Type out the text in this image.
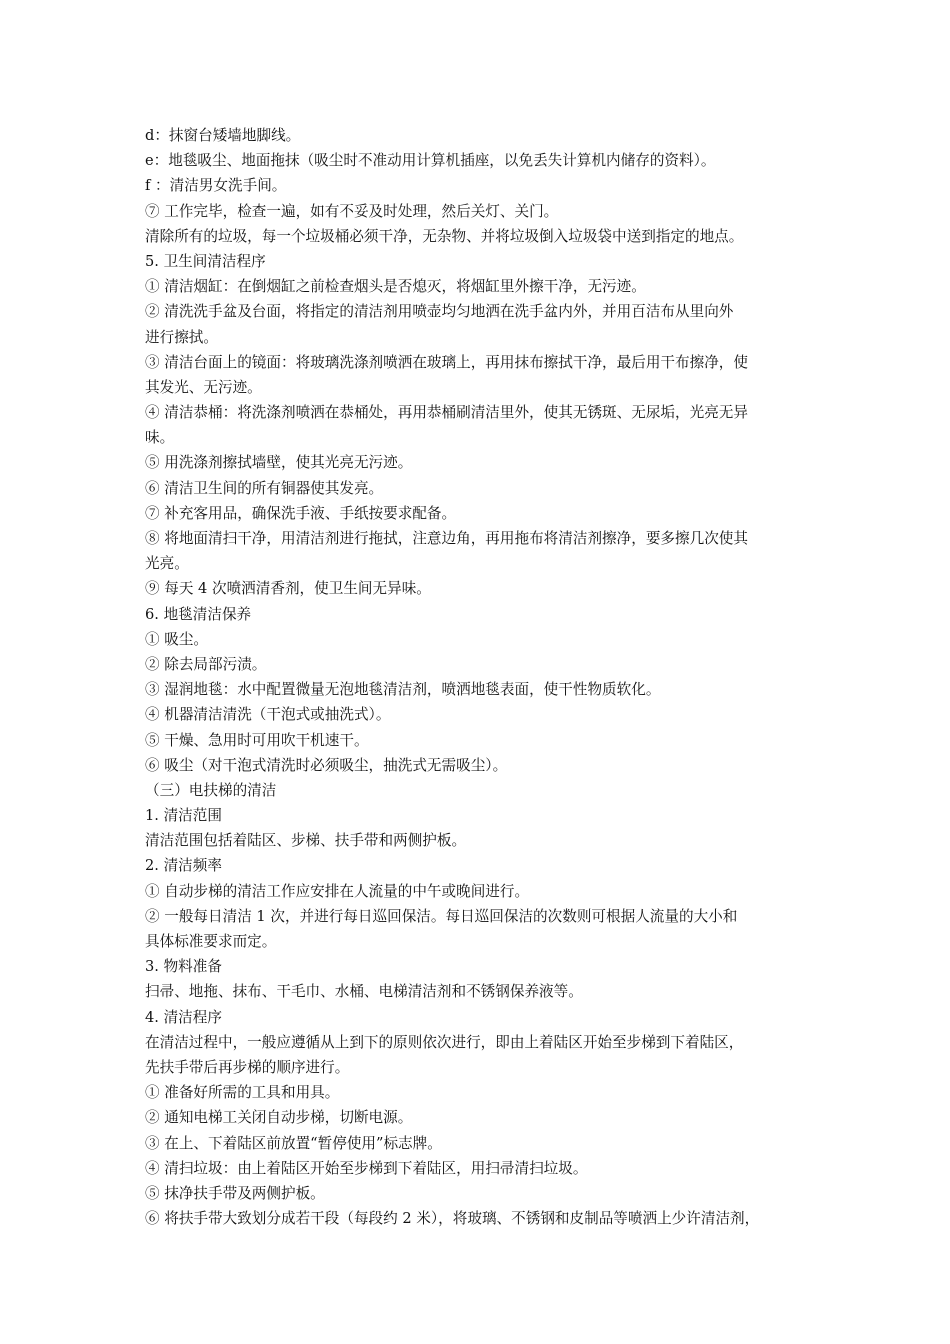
d：抹窗台矮墙地脚线。
e：地毯吸尘、地面拖抹（吸尘时不准动用计算机插座，以免丢失计算机内储存的资料）。
f ：清洁男女洗手间。
⑦ 工作完毕，检查一遍，如有不妥及时处理，然后关灯、关门。
清除所有的垃圾，每一个垃圾桶必须干净，无杂物、并将垃圾倒入垃圾袋中送到指定的地点。
5. 卫生间清洁程序
① 清洁烟缸：在倒烟缸之前检查烟头是否熄灭，将烟缸里外擦干净，无污迹。
② 清洗洗手盆及台面，将指定的清洁剂用喷壶均匀地洒在洗手盆内外，并用百洁布从里向外
进行擦拭。
③ 清洁台面上的镜面：将玻璃洗涤剂喷洒在玻璃上，再用抹布擦拭干净，最后用干布擦净，使
其发光、无污迹。
④ 清洁恭桶：将洗涤剂喷洒在恭桶处，再用恭桶刷清洁里外，使其无锈斑、无尿垢，光亮无异
味。
⑤ 用洗涤剂擦拭墙壁，使其光亮无污迹。
⑥ 清洁卫生间的所有铜器使其发亮。
⑦ 补充客用品，确保洗手液、手纸按要求配备。
⑧ 将地面清扫干净，用清洁剂进行拖拭，注意边角，再用拖布将清洁剂擦净，要多擦几次使其
光亮。
⑨ 每天 4 次喷洒清香剂，使卫生间无异味。
6. 地毯清洁保养
① 吸尘。
② 除去局部污渍。
③ 湿润地毯：水中配置微量无泡地毯清洁剂，喷洒地毯表面，使干性物质软化。
④ 机器清洁清洗（干泡式或抽洗式）。
⑤ 干燥、急用时可用吹干机速干。
⑥ 吸尘（对干泡式清洗时必须吸尘，抽洗式无需吸尘）。
（三）电扶梯的清洁
1. 清洁范围
清洁范围包括着陆区、步梯、扶手带和两侧护板。
2. 清洁频率
① 自动步梯的清洁工作应安排在人流量的中午或晚间进行。
② 一般每日清洁 1 次，并进行每日巡回保洁。每日巡回保洁的次数则可根据人流量的大小和
具体标准要求而定。
3. 物料准备
扫帚、地拖、抹布、干毛巾、水桶、电梯清洁剂和不锈钢保养液等。
4. 清洁程序
在清洁过程中，一般应遵循从上到下的原则依次进行，即由上着陆区开始至步梯到下着陆区，
先扶手带后再步梯的顺序进行。
① 准备好所需的工具和用具。
② 通知电梯工关闭自动步梯，切断电源。
③ 在上、下着陆区前放置“暂停使用”标志牌。
④ 清扫垃圾：由上着陆区开始至步梯到下着陆区，用扫帚清扫垃圾。
⑤ 抹净扶手带及两侧护板。
⑥ 将扶手带大致划分成若干段（每段约 2 米），将玻璃、不锈钢和皮制品等喷洒上少许清洁剂，
